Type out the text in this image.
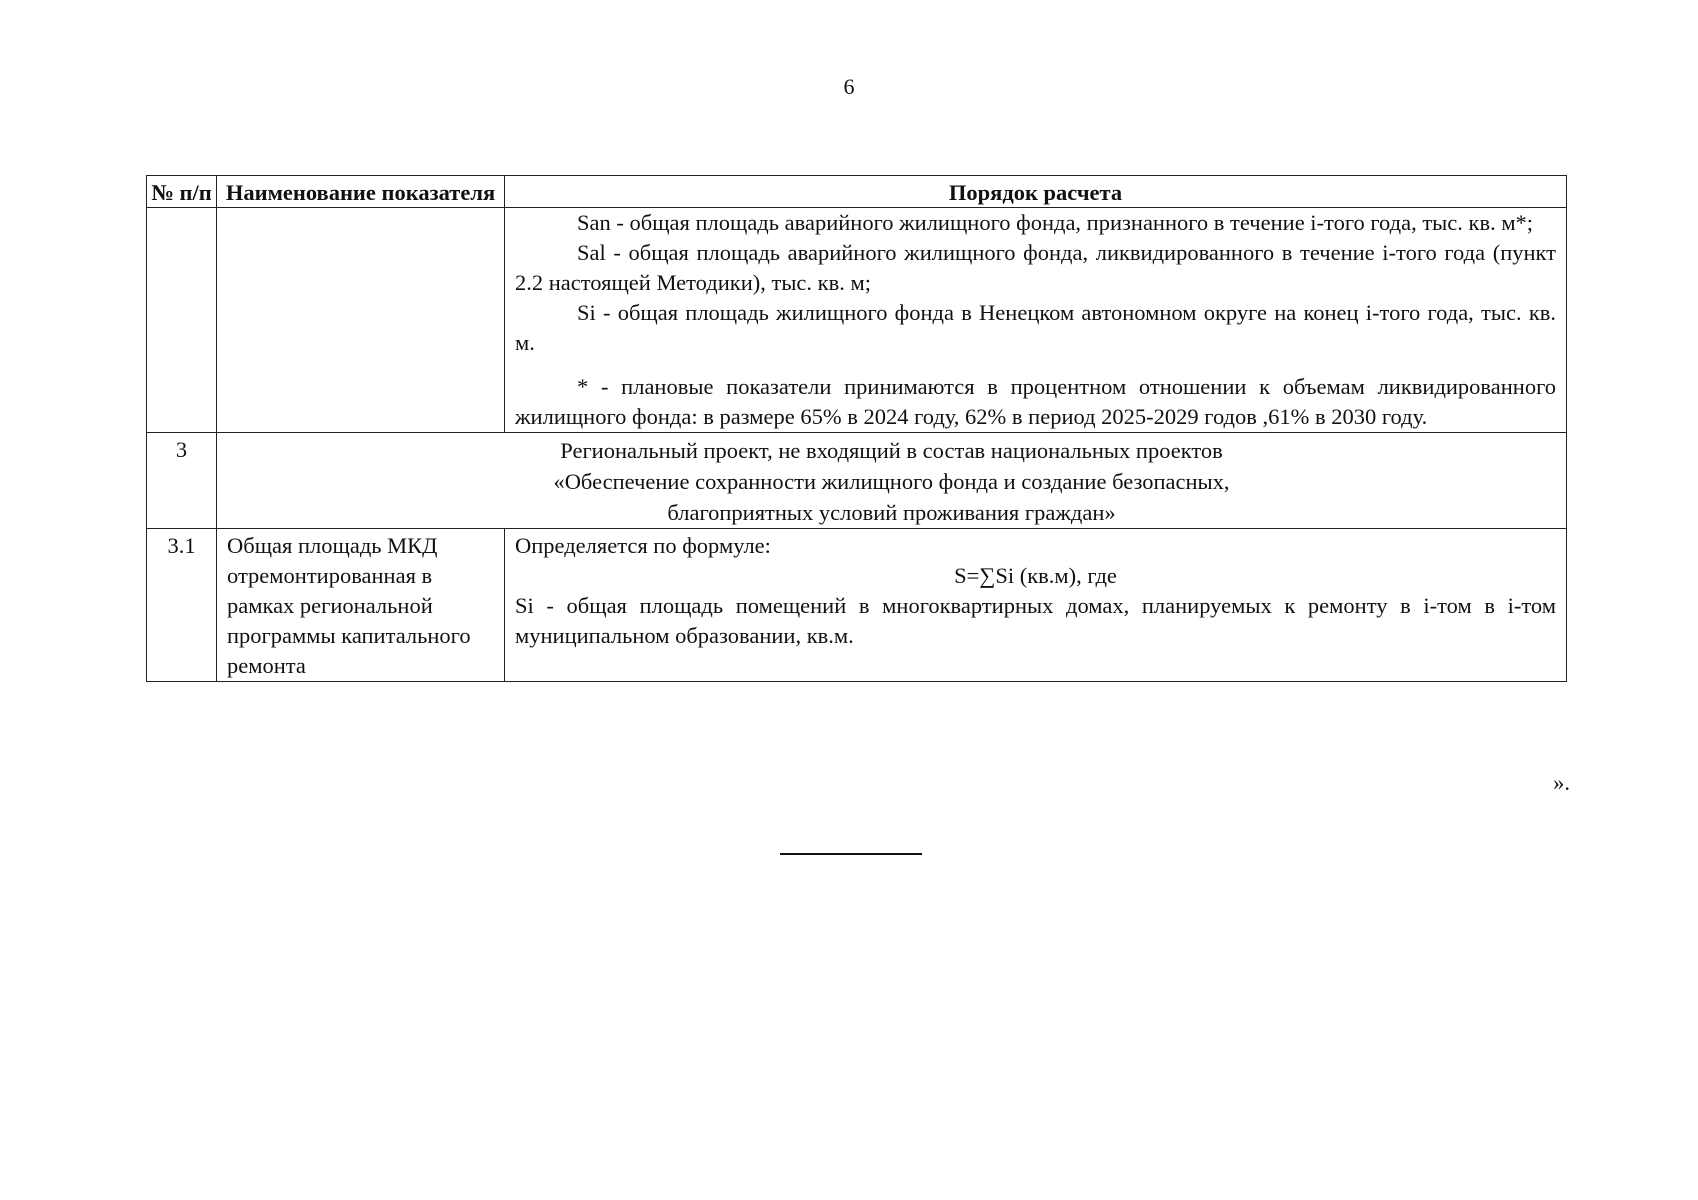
6
№ п/п	Наименование показателя	Порядок расчета

		San - общая площадь аварийного жилищного фонда, признанного в течение i-того года, тыс. кв. м*;

Sal - общая площадь аварийного жилищного фонда, ликвидированного в течение i-того года (пункт 2.2 настоящей Методики), тыс. кв. м;

Si - общая площадь жилищного фонда в Ненецком автономном округе на конец i-того года, тыс. кв. м.

* - плановые показатели принимаются в процентном отношении к объемам ликвидированного жилищного фонда: в размере 65% в 2024 году, 62% в период 2025-2029 годов ,61% в 2030 году.

3	Региональный проект, не входящий в состав национальных проектов
«Обеспечение сохранности жилищного фонда и создание безопасных,
благоприятных условий проживания граждан»	

3.1	Общая площадь МКД отремонтированная в рамках региональной программы капитального ремонта	Определяется по формуле:

S=∑Si (кв.м), где

Si - общая площадь помещений в многоквартирных домах, планируемых к ремонту в i-том в i-том муниципальном образовании, кв.м.

».
